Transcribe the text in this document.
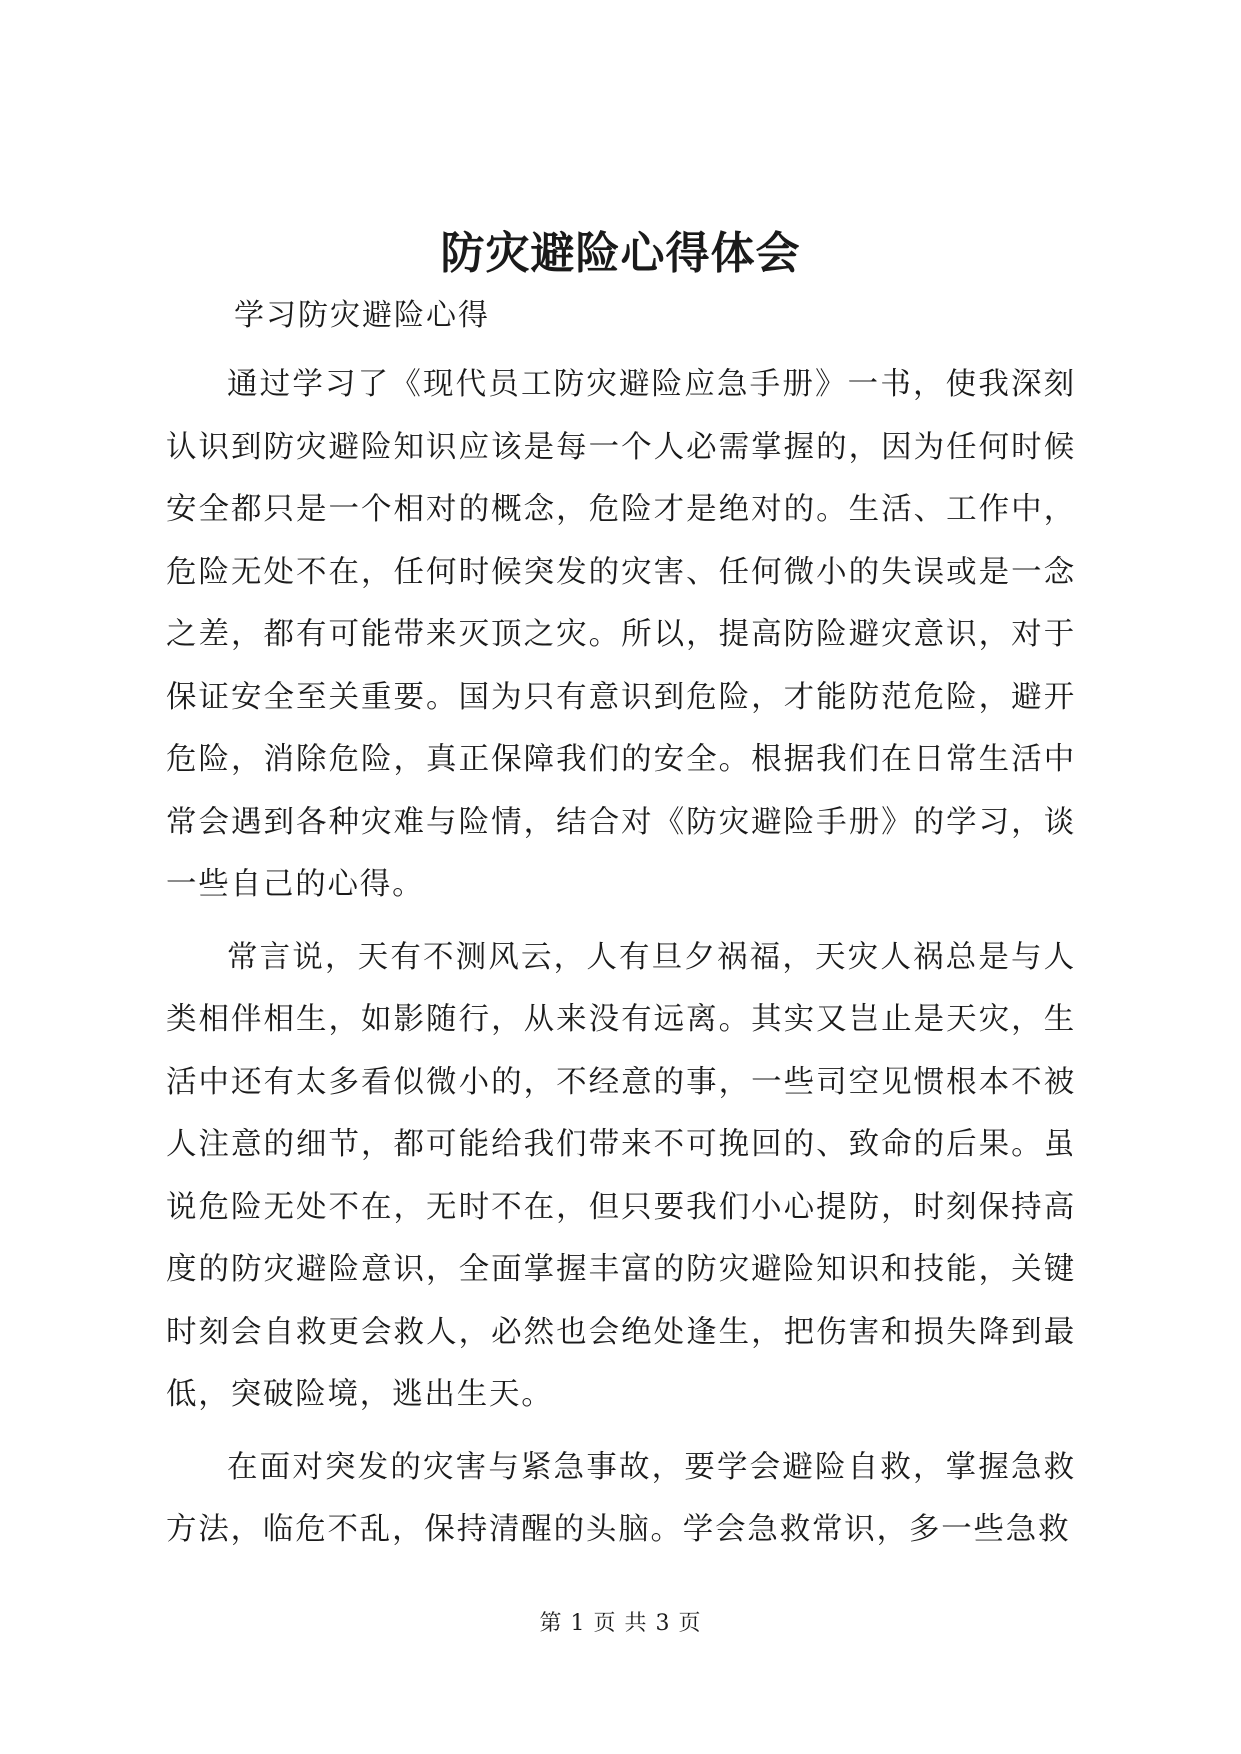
防灾避险心得体会
学习防灾避险心得

通过学习了《现代员工防灾避险应急手册》一书，使我深刻认识到防灾避险知识应该是每一个人必需掌握的，因为任何时候安全都只是一个相对的概念，危险才是绝对的。生活、工作中，危险无处不在，任何时候突发的灾害、任何微小的失误或是一念之差，都有可能带来灭顶之灾。所以，提高防险避灾意识，对于保证安全至关重要。国为只有意识到危险，才能防范危险，避开危险，消除危险，真正保障我们的安全。根据我们在日常生活中常会遇到各种灾难与险情，结合对《防灾避险手册》的学习，谈一些自己的心得。

常言说，天有不测风云，人有旦夕祸福，天灾人祸总是与人类相伴相生，如影随行，从来没有远离。其实又岂止是天灾，生活中还有太多看似微小的，不经意的事，一些司空见惯根本不被人注意的细节，都可能给我们带来不可挽回的、致命的后果。虽说危险无处不在，无时不在，但只要我们小心提防，时刻保持高度的防灾避险意识，全面掌握丰富的防灾避险知识和技能，关键时刻会自救更会救人，必然也会绝处逢生，把伤害和损失降到最低，突破险境，逃出生天。

在面对突发的灾害与紧急事故，要学会避险自救，掌握急救方法，临危不乱，保持清醒的头脑。学会急救常识，多一些急救

第 1 页 共 3 页
